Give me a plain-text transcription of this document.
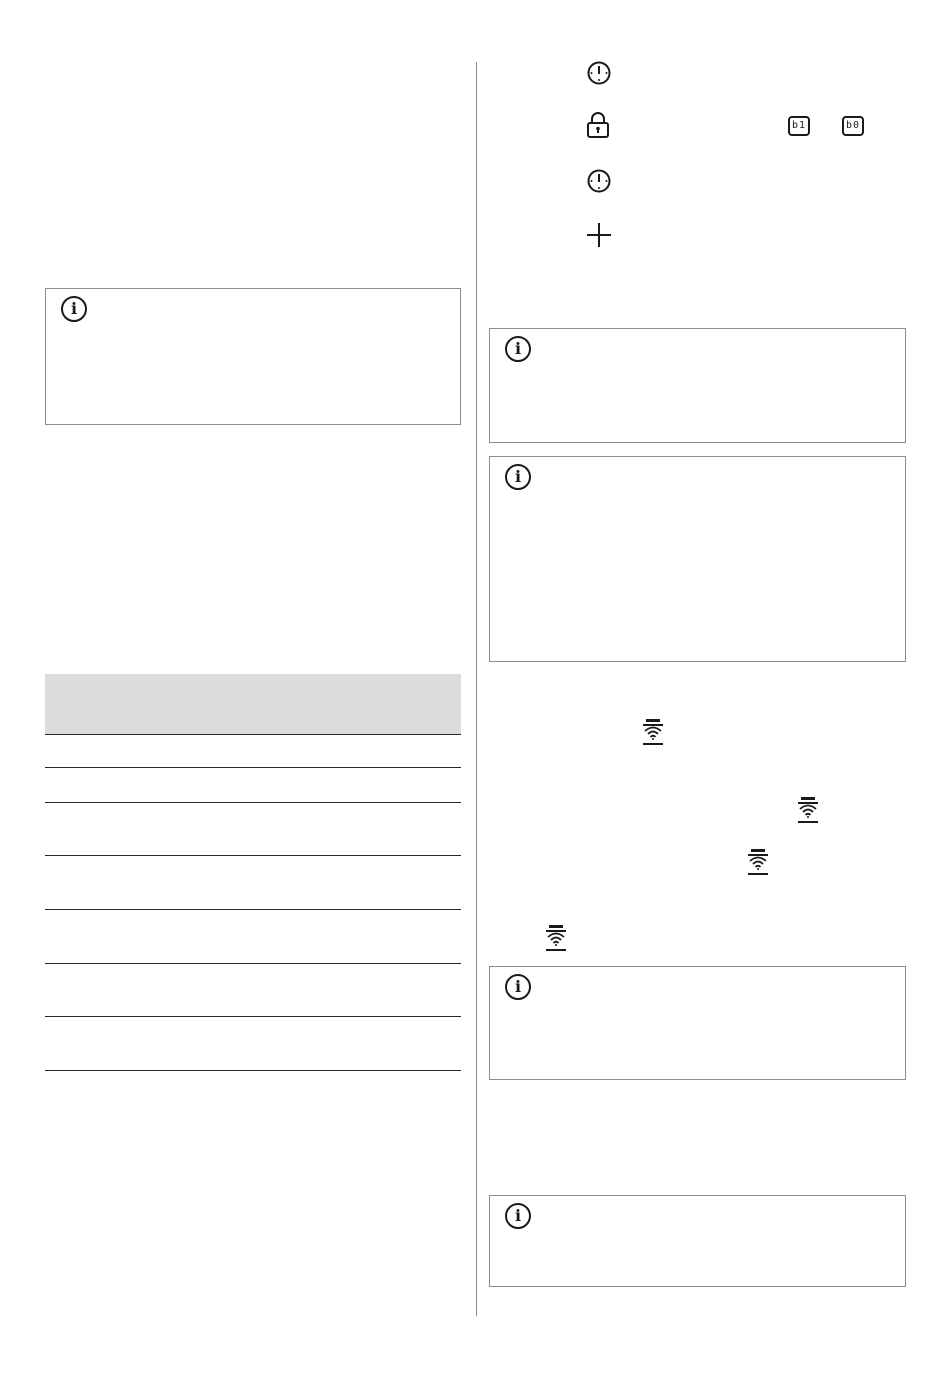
i
b1	b0
i
i
i
i
